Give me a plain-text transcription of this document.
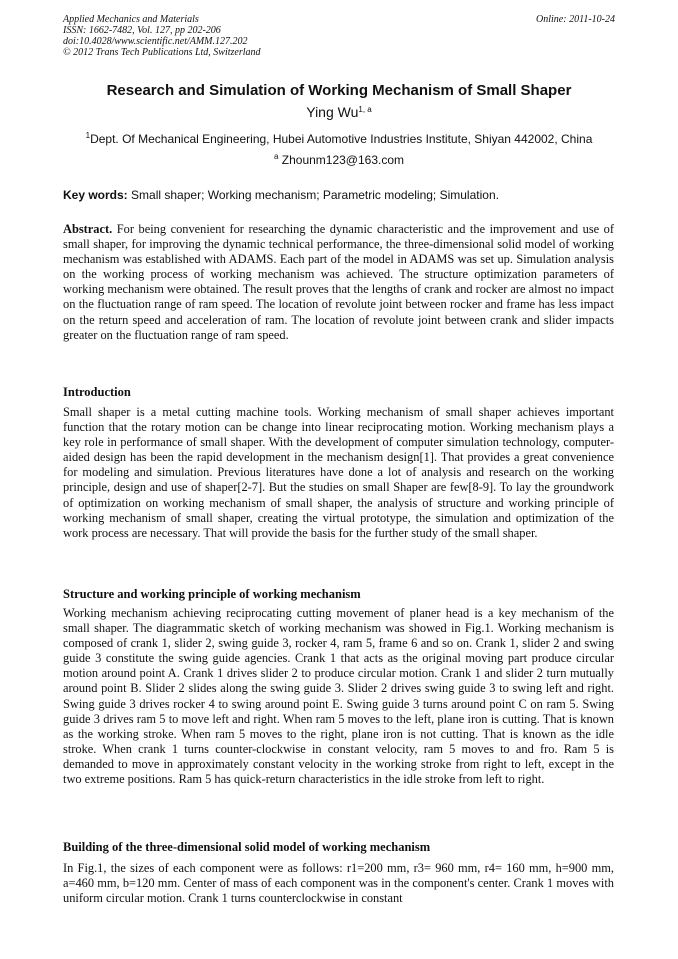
Applied Mechanics and Materials
ISSN: 1662-7482, Vol. 127, pp 202-206
doi:10.4028/www.scientific.net/AMM.127.202
© 2012 Trans Tech Publications Ltd, Switzerland
Online: 2011-10-24
Research and Simulation of Working Mechanism of Small Shaper
Ying Wu$^{1, a}$
$^1$Dept. Of Mechanical Engineering, Hubei Automotive Industries Institute, Shiyan 442002, China
$^a$ Zhounm123@163.com
Key words: Small shaper; Working mechanism; Parametric modeling; Simulation.
Abstract. For being convenient for researching the dynamic characteristic and the improvement and use of small shaper, for improving the dynamic technical performance, the three-dimensional solid model of working mechanism was established with ADAMS. Each part of the model in ADAMS was set up. Simulation analysis on the working process of working mechanism was achieved. The structure optimization parameters of working mechanism were obtained. The result proves that the lengths of crank and rocker are almost no impact on the fluctuation range of ram speed. The location of revolute joint between rocker and frame has less impact on the return speed and acceleration of ram. The location of revolute joint between crank and slider impacts greater on the fluctuation range of ram speed.
Introduction
Small shaper is a metal cutting machine tools. Working mechanism of small shaper achieves important function that the rotary motion can be change into linear reciprocating motion. Working mechanism plays a key role in performance of small shaper. With the development of computer simulation technology, computer-aided design has been the rapid development in the mechanism design[1]. That provides a great convenience for modeling and simulation. Previous literatures have done a lot of analysis and research on the working principle, design and use of shaper[2-7]. But the studies on small Shaper are few[8-9]. To lay the groundwork of optimization on working mechanism of small shaper, the analysis of structure and working principle of working mechanism of small shaper, creating the virtual prototype, the simulation and optimization of the work process are necessary. That will provide the basis for the further study of the small shaper.
Structure and working principle of working mechanism
Working mechanism achieving reciprocating cutting movement of planer head is a key mechanism of the small shaper. The diagrammatic sketch of working mechanism was showed in Fig.1. Working mechanism is composed of crank 1, slider 2, swing guide 3, rocker 4, ram 5, frame 6 and so on. Crank 1, slider 2 and swing guide 3 constitute the swing guide agencies. Crank 1 that acts as the original moving part produce circular motion around point A. Crank 1 drives slider 2 to produce circular motion. Crank 1 and slider 2 turn mutually around point B. Slider 2 slides along the swing guide 3. Slider 2 drives swing guide 3 to swing left and right. Swing guide 3 drives rocker 4 to swing around point E. Swing guide 3 turns around point C on ram 5. Swing guide 3 drives ram 5 to move left and right. When ram 5 moves to the left, plane iron is cutting. That is known as the working stroke. When ram 5 moves to the right, plane iron is not cutting. That is known as the idle stroke. When crank 1 turns counter-clockwise in constant velocity, ram 5 moves to and fro. Ram 5 is demanded to move in approximately constant velocity in the working stroke from right to left, except in the two extreme positions. Ram 5 has quick-return characteristics in the idle stroke from left to right.
Building of the three-dimensional solid model of working mechanism
In Fig.1, the sizes of each component were as follows: r1=200 mm, r3= 960 mm, r4= 160 mm, h=900 mm, a=460 mm, b=120 mm. Center of mass of each component was in the component's center. Crank 1 moves with uniform circular motion. Crank 1 turns counterclockwise in constant
